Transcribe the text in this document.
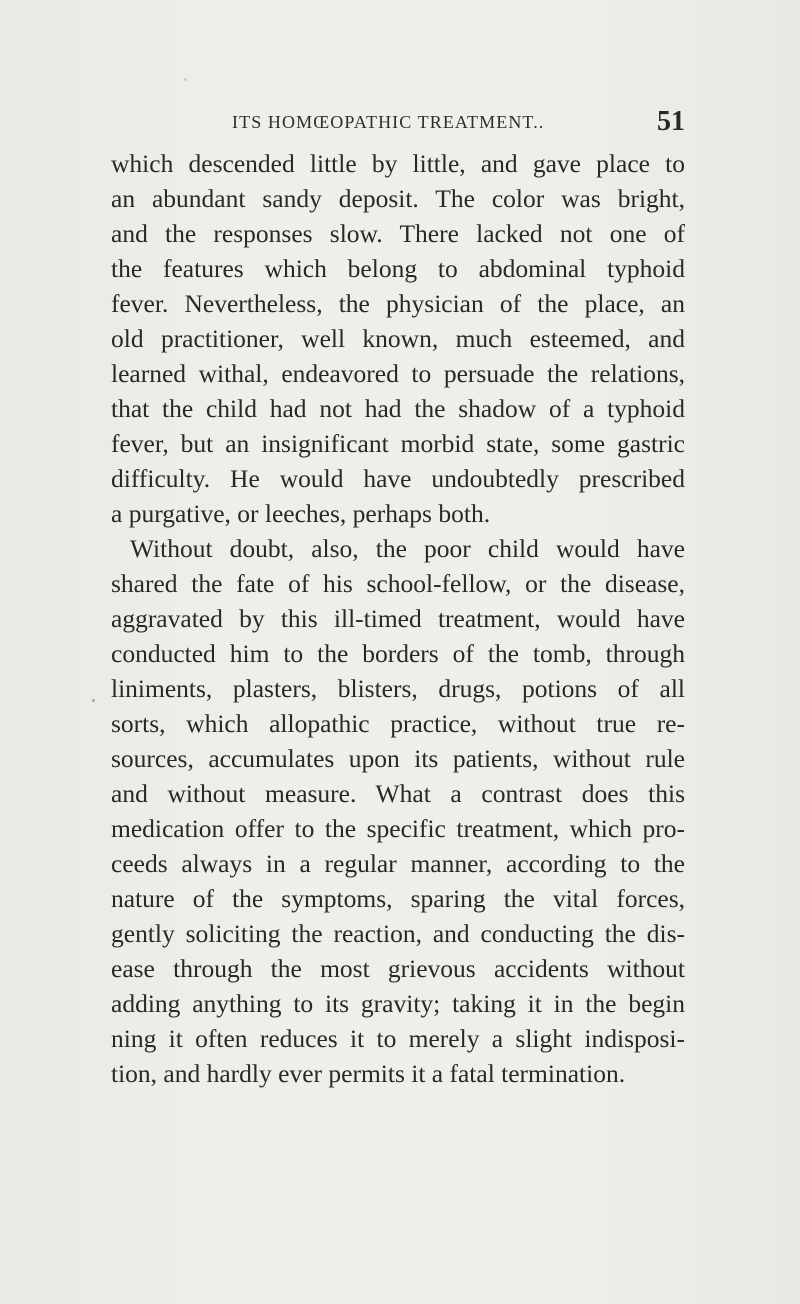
ITS HOMŒOPATHIC TREATMENT..	51
which descended little by little, and gave place to
an abundant sandy deposit. The color was bright,
and the responses slow. There lacked not one of
the features which belong to abdominal typhoid
fever. Nevertheless, the physician of the place, an
old practitioner, well known, much esteemed, and
learned withal, endeavored to persuade the relations,
that the child had not had the shadow of a typhoid
fever, but an insignificant morbid state, some gastric
difficulty. He would have undoubtedly prescribed
a purgative, or leeches, perhaps both.
Without doubt, also, the poor child would have
shared the fate of his school-fellow, or the disease,
aggravated by this ill-timed treatment, would have
conducted him to the borders of the tomb, through
liniments, plasters, blisters, drugs, potions of all
sorts, which allopathic practice, without true re-
sources, accumulates upon its patients, without rule
and without measure. What a contrast does this
medication offer to the specific treatment, which pro-
ceeds always in a regular manner, according to the
nature of the symptoms, sparing the vital forces,
gently soliciting the reaction, and conducting the dis-
ease through the most grievous accidents without
adding anything to its gravity; taking it in the begin
ning it often reduces it to merely a slight indisposi-
tion, and hardly ever permits it a fatal termination.
